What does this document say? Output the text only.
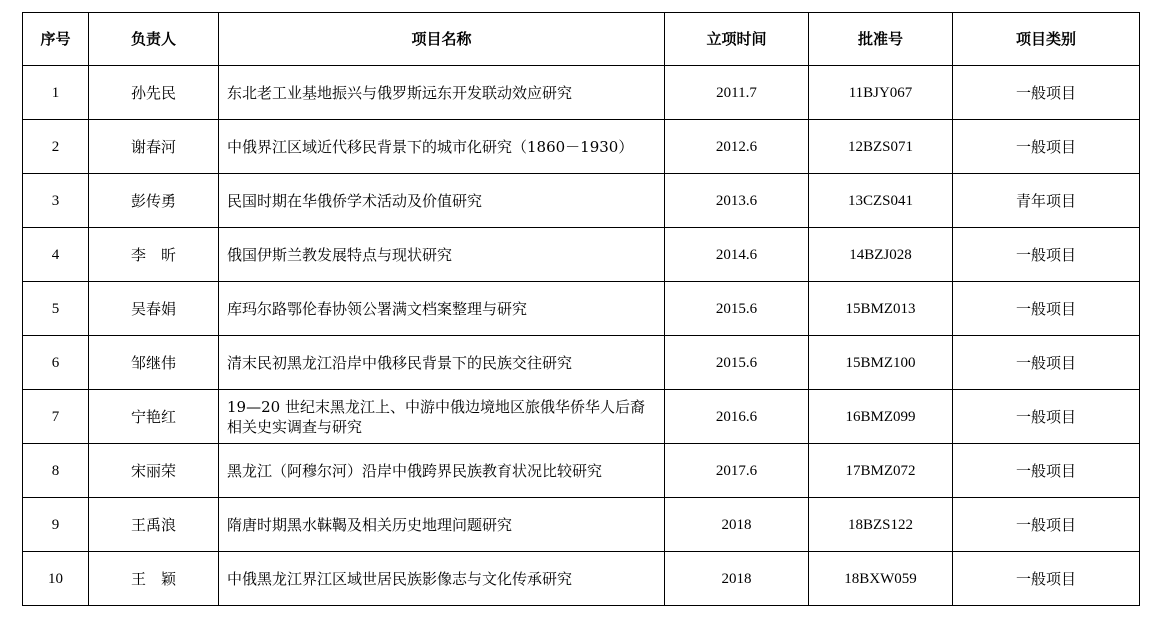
序号	负责人	项目名称	立项时间	批准号	项目类别
1	孙先民	东北老工业基地振兴与俄罗斯远东开发联动效应研究	2011.7	11BJY067	一般项目
2	谢春河	中俄界江区域近代移民背景下的城市化研究（1860－1930）	2012.6	12BZS071	一般项目
3	彭传勇	民国时期在华俄侨学术活动及价值研究	2013.6	13CZS041	青年项目
4	李　昕	俄国伊斯兰教发展特点与现状研究	2014.6	14BZJ028	一般项目
5	吴春娟	库玛尔路鄂伦春协领公署满文档案整理与研究	2015.6	15BMZ013	一般项目
6	邹继伟	清末民初黑龙江沿岸中俄移民背景下的民族交往研究	2015.6	15BMZ100	一般项目
7	宁艳红	19—20 世纪末黑龙江上、中游中俄边境地区旅俄华侨华人后裔相关史实调查与研究	2016.6	16BMZ099	一般项目
8	宋丽荣	黑龙江（阿穆尔河）沿岸中俄跨界民族教育状况比较研究	2017.6	17BMZ072	一般项目
9	王禹浪	隋唐时期黑水靺鞨及相关历史地理问题研究	2018	18BZS122	一般项目
10	王　颖	中俄黑龙江界江区域世居民族影像志与文化传承研究	2018	18BXW059	一般项目
